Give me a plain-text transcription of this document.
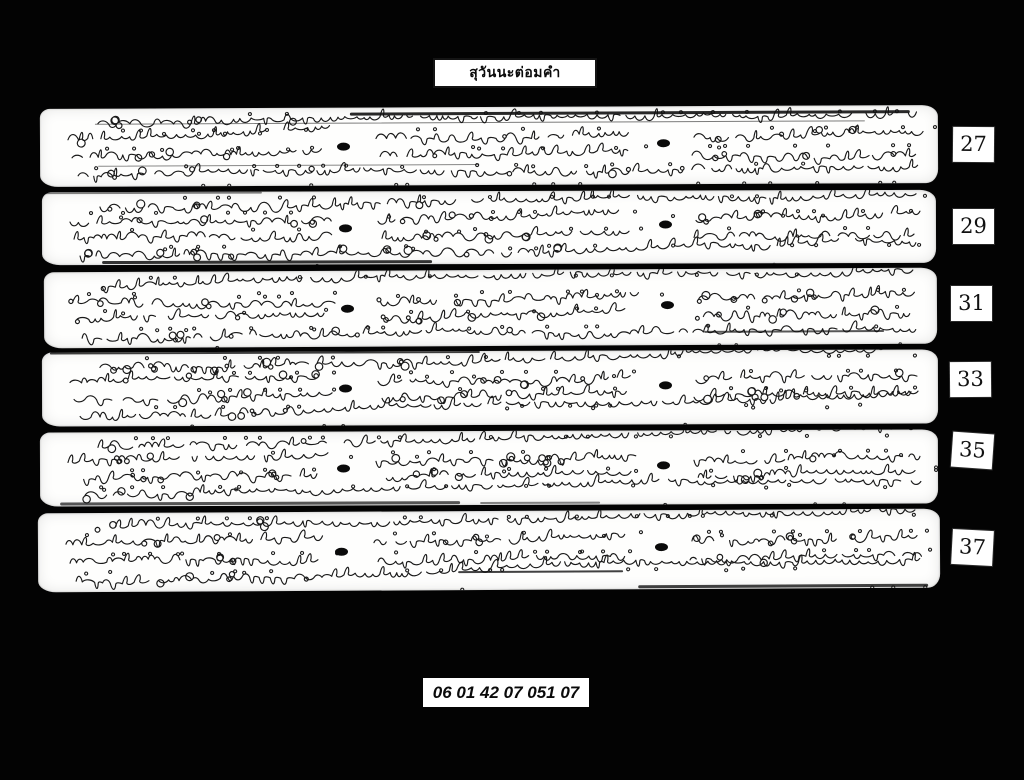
สุวันนะต่อมคำ
27
29
31
33
35
37
06 01 42 07 051 07
